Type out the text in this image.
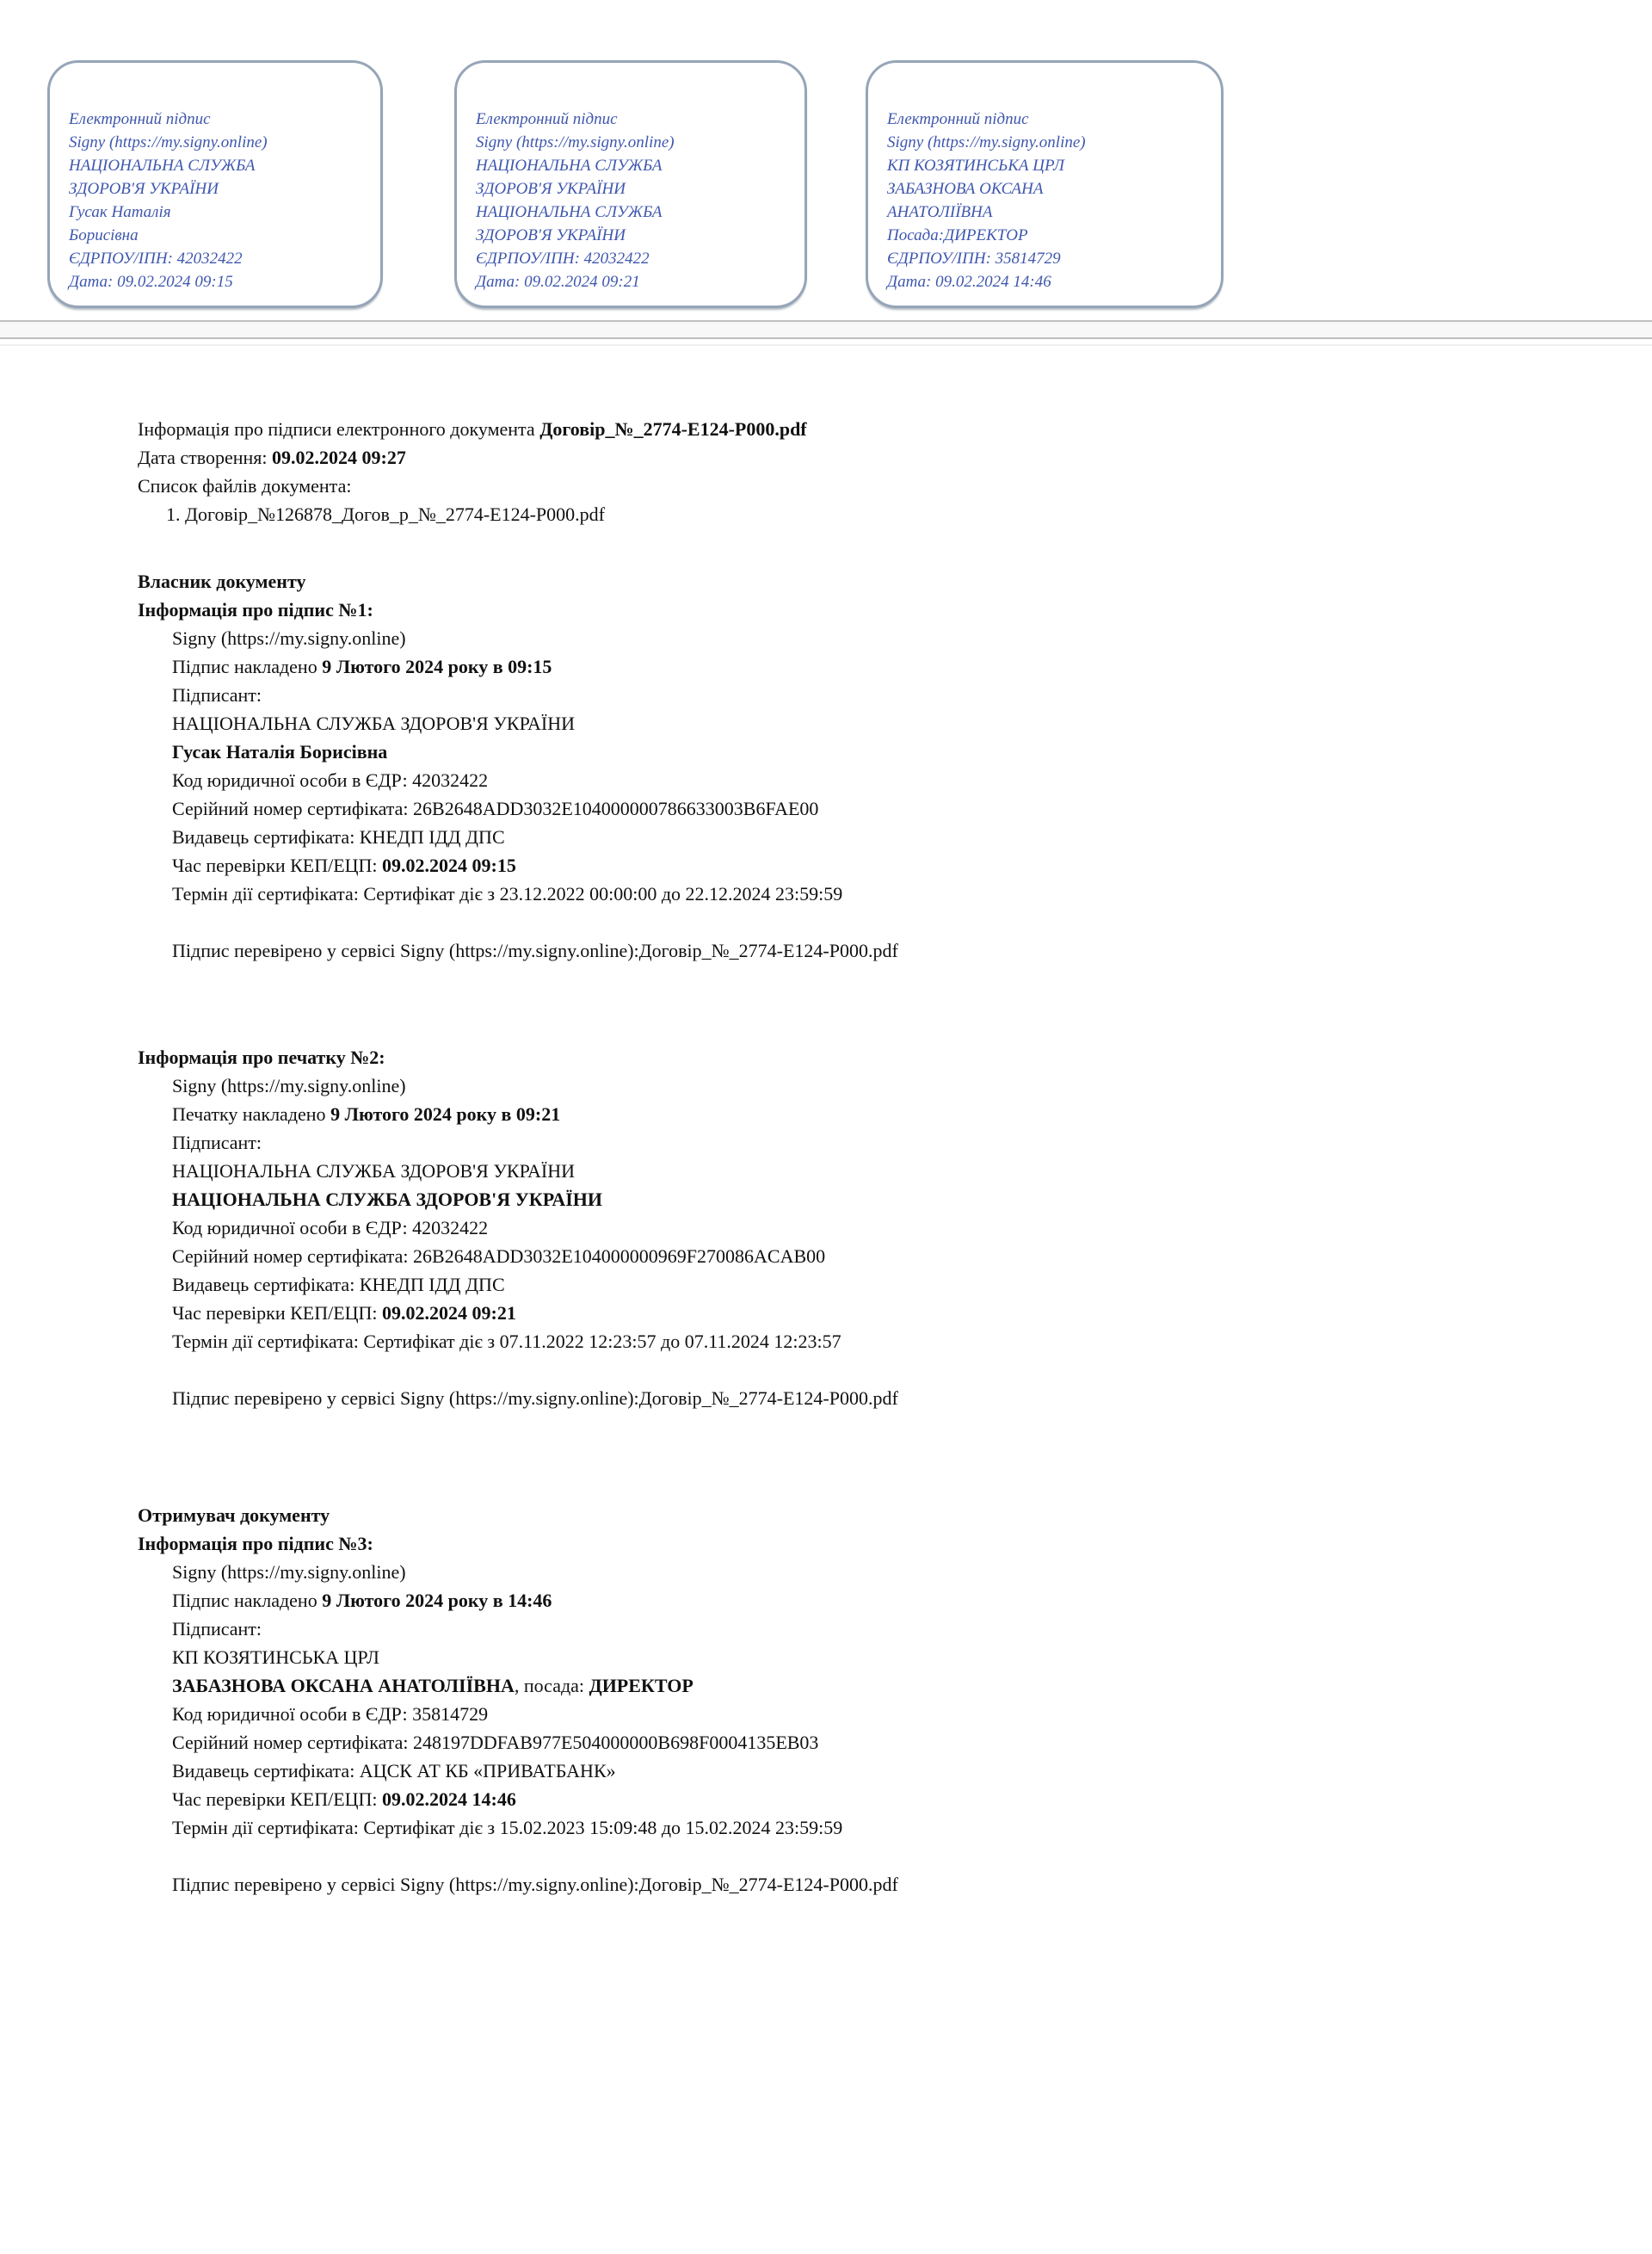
Електронний підпис
Signy (https://my.signy.online)
НАЦІОНАЛЬНА СЛУЖБА
ЗДОРОВ'Я УКРАЇНИ
Гусак Наталія
Борисівна
ЄДРПОУ/ІПН: 42032422
Дата: 09.02.2024 09:15
Електронний підпис
Signy (https://my.signy.online)
НАЦІОНАЛЬНА СЛУЖБА
ЗДОРОВ'Я УКРАЇНИ
НАЦІОНАЛЬНА СЛУЖБА
ЗДОРОВ'Я УКРАЇНИ
ЄДРПОУ/ІПН: 42032422
Дата: 09.02.2024 09:21
Електронний підпис
Signy (https://my.signy.online)
КП КОЗЯТИНСЬКА ЦРЛ
ЗАБАЗНОВА ОКСАНА
АНАТОЛІЇВНА
Посада:ДИРЕКТОР
ЄДРПОУ/ІПН: 35814729
Дата: 09.02.2024 14:46
Інформація про підписи електронного документа Договір_№_2774-Е124-Р000.pdf
Дата створення: 09.02.2024 09:27
Список файлів документа:
1. Договір_№126878_Догов_р_№_2774-Е124-Р000.pdf
Власник документу
Інформація про підпис №1:
Signy (https://my.signy.online)
Підпис накладено 9 Лютого 2024 року в 09:15
Підписант:
НАЦІОНАЛЬНА СЛУЖБА ЗДОРОВ'Я УКРАЇНИ
Гусак Наталія Борисівна
Код юридичної особи в ЄДР: 42032422
Серійний номер сертифіката: 26B2648ADD3032E104000000786633003B6FAE00
Видавець сертифіката: КНЕДП ІДД ДПС
Час перевірки КЕП/ЕЦП: 09.02.2024 09:15
Термін дії сертифіката: Сертифікат діє з 23.12.2022 00:00:00 до 22.12.2024 23:59:59
Підпис перевірено у сервісі Signy (https://my.signy.online):Договір_№_2774-Е124-Р000.pdf
Інформація про печатку №2:
Signy (https://my.signy.online)
Печатку накладено 9 Лютого 2024 року в 09:21
Підписант:
НАЦІОНАЛЬНА СЛУЖБА ЗДОРОВ'Я УКРАЇНИ
НАЦІОНАЛЬНА СЛУЖБА ЗДОРОВ'Я УКРАЇНИ
Код юридичної особи в ЄДР: 42032422
Серійний номер сертифіката: 26B2648ADD3032E104000000969F270086ACAB00
Видавець сертифіката: КНЕДП ІДД ДПС
Час перевірки КЕП/ЕЦП: 09.02.2024 09:21
Термін дії сертифіката: Сертифікат діє з 07.11.2022 12:23:57 до 07.11.2024 12:23:57
Підпис перевірено у сервісі Signy (https://my.signy.online):Договір_№_2774-Е124-Р000.pdf
Отримувач документу
Інформація про підпис №3:
Signy (https://my.signy.online)
Підпис накладено 9 Лютого 2024 року в 14:46
Підписант:
КП КОЗЯТИНСЬКА ЦРЛ
ЗАБАЗНОВА ОКСАНА АНАТОЛІЇВНА, посада: ДИРЕКТОР
Код юридичної особи в ЄДР: 35814729
Серійний номер сертифіката: 248197DDFAB977E504000000B698F0004135EB03
Видавець сертифіката: АЦСК АТ КБ «ПРИВАТБАНК»
Час перевірки КЕП/ЕЦП: 09.02.2024 14:46
Термін дії сертифіката: Сертифікат діє з 15.02.2023 15:09:48 до 15.02.2024 23:59:59
Підпис перевірено у сервісі Signy (https://my.signy.online):Договір_№_2774-Е124-Р000.pdf
